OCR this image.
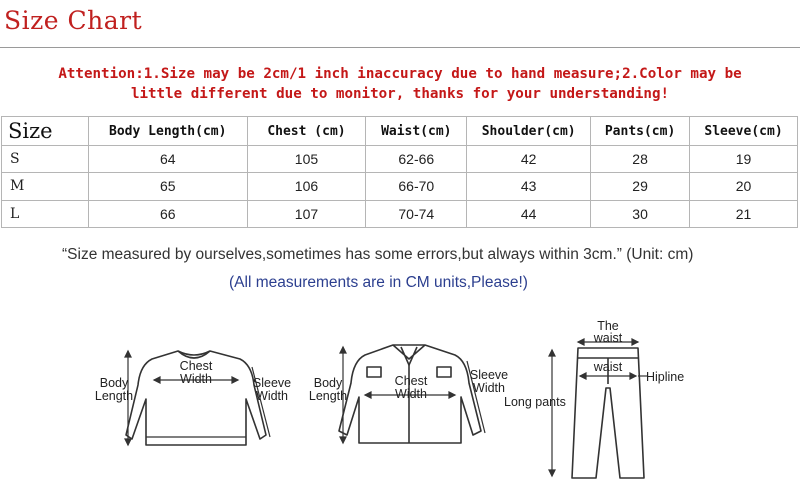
Size Chart
Attention:1.Size may be 2cm/1 inch inaccuracy due to hand measure;2.Color may be
little different due to monitor, thanks for your understanding!
Size	Body Length(cm)	Chest (cm)	Waist(cm)	Shoulder(cm)	Pants(cm)	Sleeve(cm)
S	64	105	62-66	42	28	19
M	65	106	66-70	43	29	20
L	66	107	70-74	44	30	21
“Size measured by ourselves,sometimes has some errors,but always within 3cm.” (Unit: cm)
(All measurements are in CM units,Please!)
Chest
Width
Body
Length
Sleeve
Width
Chest
Width
Body
Length
Sleeve
Width
The
waist
waist
Hipline
Long pants
